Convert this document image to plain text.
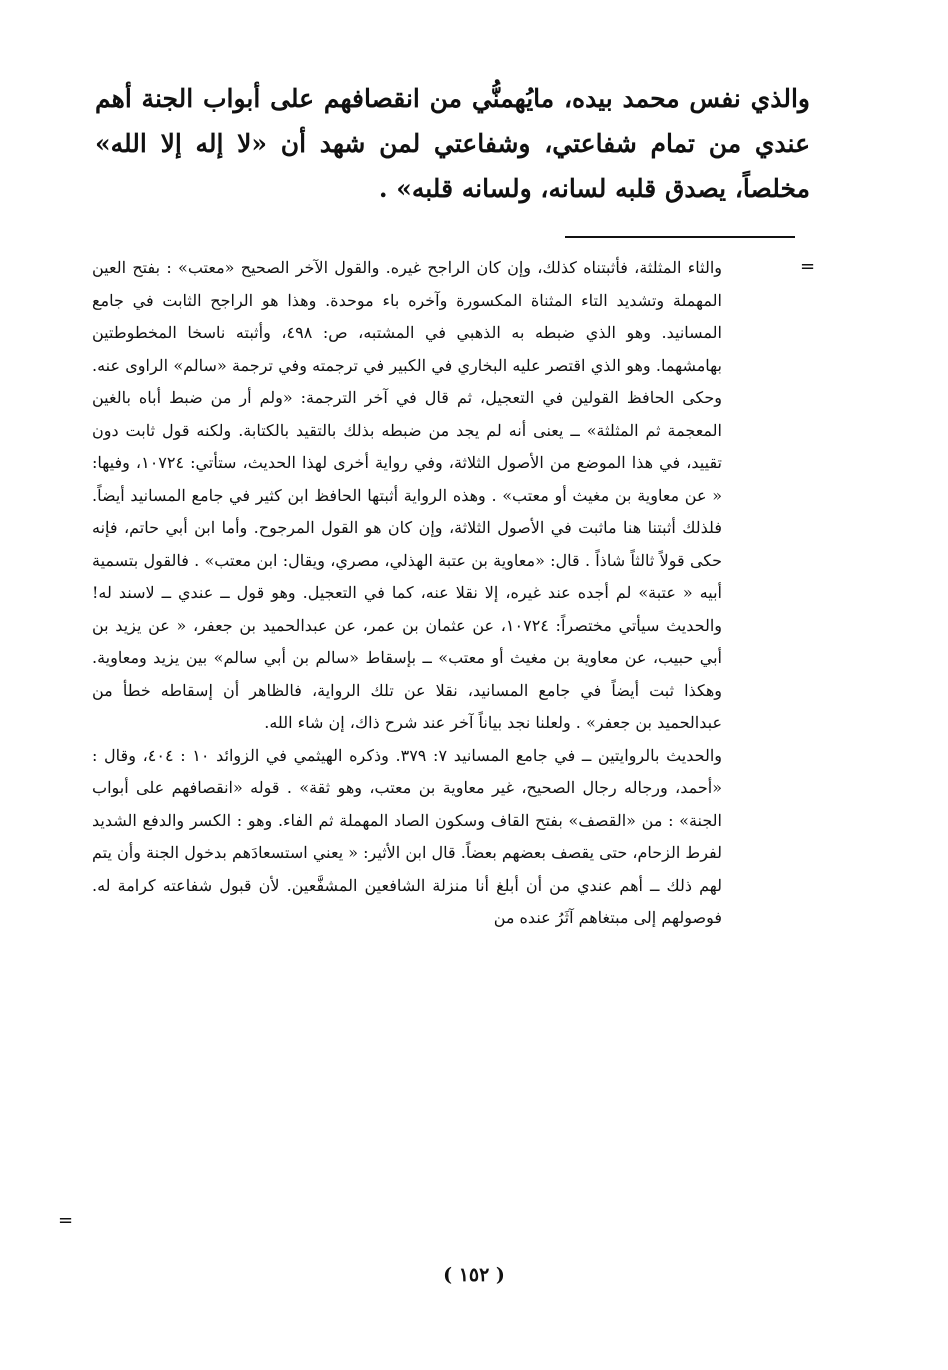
والذي نفس محمد بيده، مايُهمنُّي من انقصافهم على أبواب الجنة أهم عندي من تمام شفاعتي، وشفاعتي لمن شهد أن «لا إله إلا الله» مخلصاً، يصدق قلبه لسانه، ولسانه قلبه» .

=

والثاء المثلثة، فأثبتناه كذلك، وإن كان الراجح غيره. والقول الآخر الصحيح «معتب» : بفتح العين المهملة وتشديد التاء المثناة المكسورة وآخره باء موحدة. وهذا هو الراجح الثابت في جامع المسانيد. وهو الذي ضبطه به الذهبي في المشتبه، ص: ٤٩٨، وأثبته ناسخا المخطوطتين بهامشهما. وهو الذي اقتصر عليه البخاري في الكبير في ترجمته وفي ترجمة «سالم» الراوى عنه. وحكى الحافظ القولين في التعجيل، ثم قال في آخر الترجمة: «ولم أر من ضبط أباه بالغين المعجمة ثم المثلثة» ــ يعنى أنه لم يجد من ضبطه بذلك بالتقيد بالكتابة. ولكنه قول ثابت دون تقييد، في هذا الموضع من الأصول الثلاثة، وفي رواية أخرى لهذا الحديث، ستأتي: ١٠٧٢٤، وفيها: « عن معاوية بن مغيث أو معتب» . وهذه الرواية أثبتها الحافظ ابن كثير في جامع المسانيد أيضاً. فلذلك أثبتنا هنا ماثبت في الأصول الثلاثة، وإن كان هو القول المرجوح. وأما ابن أبي حاتم، فإنه حكى قولاً ثالثاً شاذاً . قال: «معاوية بن عتبة الهذلي، مصري، ويقال: ابن معتب» . فالقول بتسمية أبيه « عتبة» لم أجده عند غيره، إلا نقلا عنه، كما في التعجيل. وهو قول ــ عندي ــ لاسند له! والحديث سيأتي مختصراً: ١٠٧٢٤، عن عثمان بن عمر، عن عبدالحميد بن جعفر، « عن يزيد بن أبي حبيب، عن معاوية بن مغيث أو معتب» ــ بإسقاط «سالم بن أبي سالم» بين يزيد ومعاوية. وهكذا ثبت أيضاً في جامع المسانيد، نقلا عن تلك الرواية، فالظاهر أن إسقاطه خطأ من عبدالحميد بن جعفر» . ولعلنا نجد بياناً آخر عند شرح ذاك، إن شاء الله.

والحديث بالروايتين ــ في جامع المسانيد ٧: ٣٧٩. وذكره الهيثمي في الزوائد ١٠ : ٤٠٤، وقال : «أحمد، ورجاله رجال الصحيح، غير معاوية بن معتب، وهو ثقة» . قوله «انقصافهم على أبواب الجنة» : من «القصف» بفتح القاف وسكون الصاد المهملة ثم الفاء. وهو : الكسر والدفع الشديد لفرط الزحام، حتى يقصف بعضهم بعضاً. قال ابن الأثير: « يعني استسعادَهم بدخول الجنة وأن يتم لهم ذلك ــ أهم عندي من أن أبلغ أنا منزلة الشافعين المشفَّعين. لأن قبول شفاعته كرامة له. فوصولهم إلى مبتغاهم آثَرُ عنده من

=
( ١٥٢ )
